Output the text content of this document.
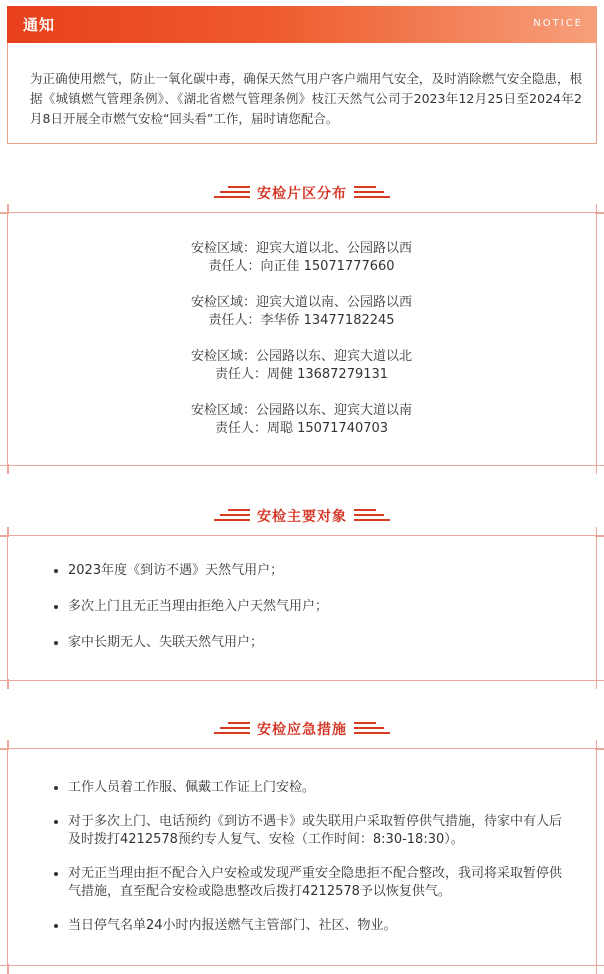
通知	NOTICE

为正确使用燃气，防止一氧化碳中毒，确保天然气用户客户端用气安全，及时消除燃气安全隐患，根据《城镇燃气管理条例》、《湖北省燃气管理条例》枝江天然气公司于2023年12月25日至2024年2月8日开展全市燃气安检“回头看”工作，届时请您配合。

安检片区分布
安检区域：迎宾大道以北、公园路以西
责任人：向正佳 15071777660
安检区域：迎宾大道以南、公园路以西
责任人：李华侨 13477182245
安检区域：公园路以东、迎宾大道以北
责任人：周健 13687279131
安检区域：公园路以东、迎宾大道以南
责任人：周聪 15071740703
安检主要对象
2023年度《到访不遇》天然气用户；
多次上门且无正当理由拒绝入户天然气用户；
家中长期无人、失联天然气用户；
安检应急措施
工作人员着工作服、佩戴工作证上门安检。
对于多次上门、电话预约《到访不遇卡》或失联用户采取暂停供气措施，待家中有人后及时拨打4212578预约专人复气、安检（工作时间：8:30-18:30）。
对无正当理由拒不配合入户安检或发现严重安全隐患拒不配合整改，我司将采取暂停供气措施，直至配合安检或隐患整改后拨打4212578予以恢复供气。
当日停气名单24小时内报送燃气主管部门、社区、物业。
